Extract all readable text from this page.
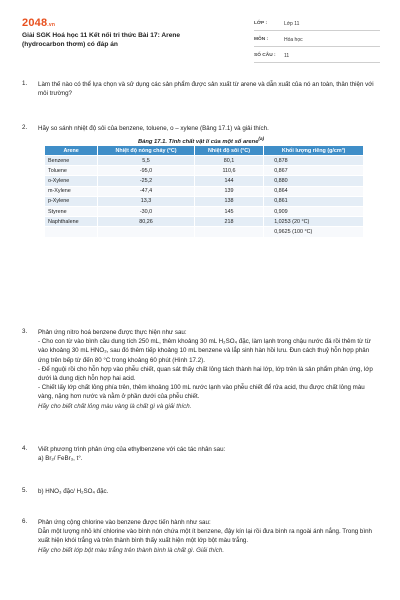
2048.vn
Giải SGK Hoá học 11 Kết nối tri thức Bài 17: Arene (hydrocarbon thơm) có đáp án
LỚP :	Lớp 11
MÔN :	Hóa học
SỐ CÂU :	11
1. Làm thế nào có thể lựa chọn và sử dụng các sản phẩm được sản xuất từ arene và dẫn xuất của nó an toàn, thân thiện với môi trường?
2. Hãy so sánh nhiệt độ sôi của benzene, toluene, o – xylene (Bảng 17.1) và giải thích.
Bảng 17.1. Tính chất vật lí của một số arene$^{(a)}$
Arene	Nhiệt độ nóng chảy (°C)	Nhiệt độ sôi (°C)	Khối lượng riêng (g/cm³)
Benzene	5,5	80,1	0,878
Toluene	-95,0	110,6	0,867
o-Xylene	-25,2	144	0,880
m-Xylene	-47,4	139	0,864
p-Xylene	13,3	138	0,861
Styrene	-30,0	145	0,909
Naphthalene	80,26	218	1,0253 (20 °C)
			0,9625 (100 °C)
3. Phản ứng nitro hoá benzene được thực hiện như sau:

- Cho con từ vào bình cầu dung tích 250 mL, thêm khoảng 30 mL H₂SO₄ đặc, làm lạnh trong chậu nước đá rồi thêm từ từ vào khoảng 30 mL HNO₃, sau đó thêm tiếp khoảng 10 mL benzene và lắp sinh hàn hồi lưu. Đun cách thuỷ hỗn hợp phản ứng trên bếp từ đến 80 °C trong khoảng 60 phút (Hình 17.2).

- Để nguội rồi cho hỗn hợp vào phễu chiết, quan sát thấy chất lỏng tách thành hai lớp, lớp trên là sản phẩm phản ứng, lớp dưới là dung dịch hỗn hợp hai acid.

- Chiết lấy lớp chất lỏng phía trên, thêm khoảng 100 mL nước lạnh vào phễu chiết để rửa acid, thu được chất lỏng màu vàng, nặng hơn nước và nằm ở phần dưới của phễu chiết.

Hãy cho biết chất lỏng màu vàng là chất gì và giải thích.

4. Viết phương trình phản ứng của ethylbenzene với các tác nhân sau:

a) Br₂/ FeBr₃, t°.

5. b) HNO₃ đặc/ H₂SO₄ đặc.
6. Phản ứng cộng chlorine vào benzene được tiến hành như sau:

Dẫn một lượng nhỏ khí chlorine vào bình nón chứa một ít benzene, đậy kín lại rồi đưa bình ra ngoài ánh nắng. Trong bình xuất hiện khói trắng và trên thành bình thấy xuất hiện một lớp bột màu trắng.

Hãy cho biết lớp bột màu trắng trên thành bình là chất gì. Giải thích.
